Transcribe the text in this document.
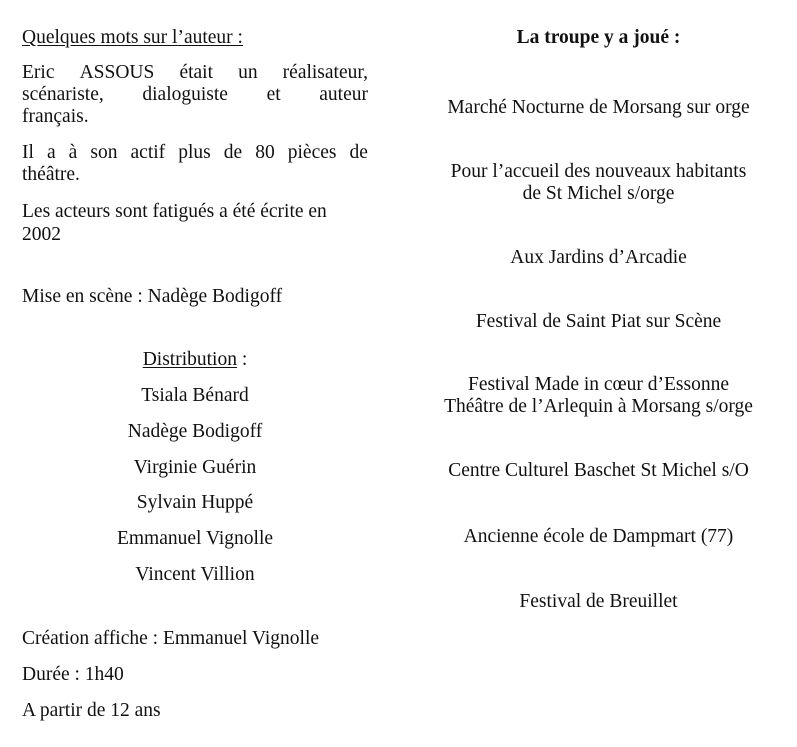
Quelques mots sur l’auteur :
Eric ASSOUS était un réalisateur,
scénariste, dialoguiste et auteur
français.
Il a à son actif plus de 80 pièces de
théâtre.
Les acteurs sont fatigués a été écrite en
2002
Mise en scène : Nadège Bodigoff
Distribution :
Tsiala Bénard
Nadège Bodigoff
Virginie Guérin
Sylvain Huppé
Emmanuel Vignolle
Vincent Villion
Création affiche : Emmanuel Vignolle
Durée : 1h40
A partir de 12 ans
La troupe y a joué :
Marché Nocturne de Morsang sur orge
Pour l’accueil des nouveaux habitants
de St Michel s/orge
Aux Jardins d’Arcadie
Festival de Saint Piat sur Scène
Festival Made in cœur d’Essonne
Théâtre de l’Arlequin à Morsang s/orge
Centre Culturel Baschet St Michel s/O
Ancienne école de Dampmart (77)
Festival de Breuillet
